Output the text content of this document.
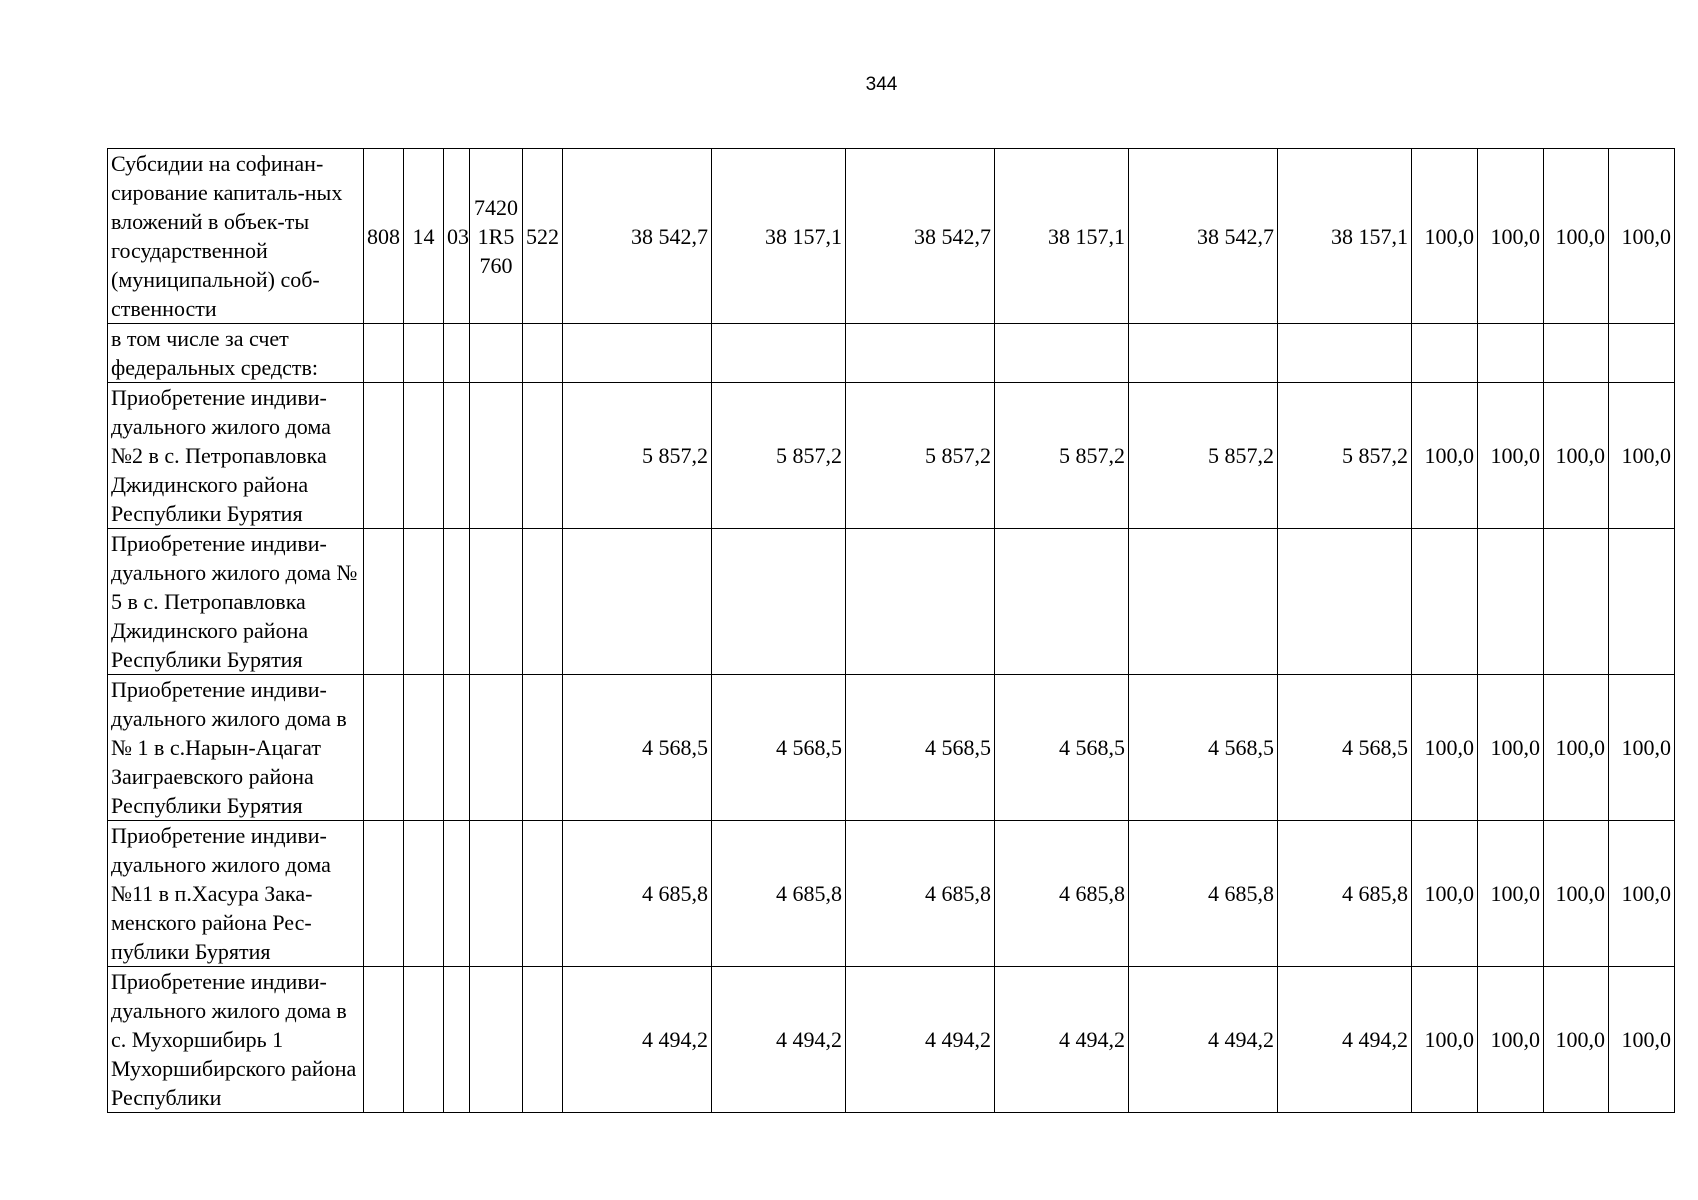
344
Субсидии на софинан-сирование капиталь-ных вложений в объек-ты государственной (муниципальной) соб-ственности	808	14	03	74201R5760	522	38 542,7	38 157,1	38 542,7	38 157,1	38 542,7	38 157,1	100,0	100,0	100,0	100,0
в том числе за счет федеральных средств:															
Приобретение индиви-дуального жилого дома №2 в с. Петропавловка Джидинского района Республики Бурятия						5 857,2	5 857,2	5 857,2	5 857,2	5 857,2	5 857,2	100,0	100,0	100,0	100,0
Приобретение индиви-дуального жилого дома № 5 в с. Петропавловка Джидинского района Республики Бурятия															
Приобретение индиви-дуального жилого дома в № 1 в с.Нарын-Ацагат Заиграевского района Республики Бурятия						4 568,5	4 568,5	4 568,5	4 568,5	4 568,5	4 568,5	100,0	100,0	100,0	100,0
Приобретение индиви-дуального жилого дома №11 в п.Хасура Зака-менского района Рес-публики Бурятия						4 685,8	4 685,8	4 685,8	4 685,8	4 685,8	4 685,8	100,0	100,0	100,0	100,0
Приобретение индиви-дуального жилого дома в с. Мухоршибирь 1 Мухоршибирского района Республики						4 494,2	4 494,2	4 494,2	4 494,2	4 494,2	4 494,2	100,0	100,0	100,0	100,0
